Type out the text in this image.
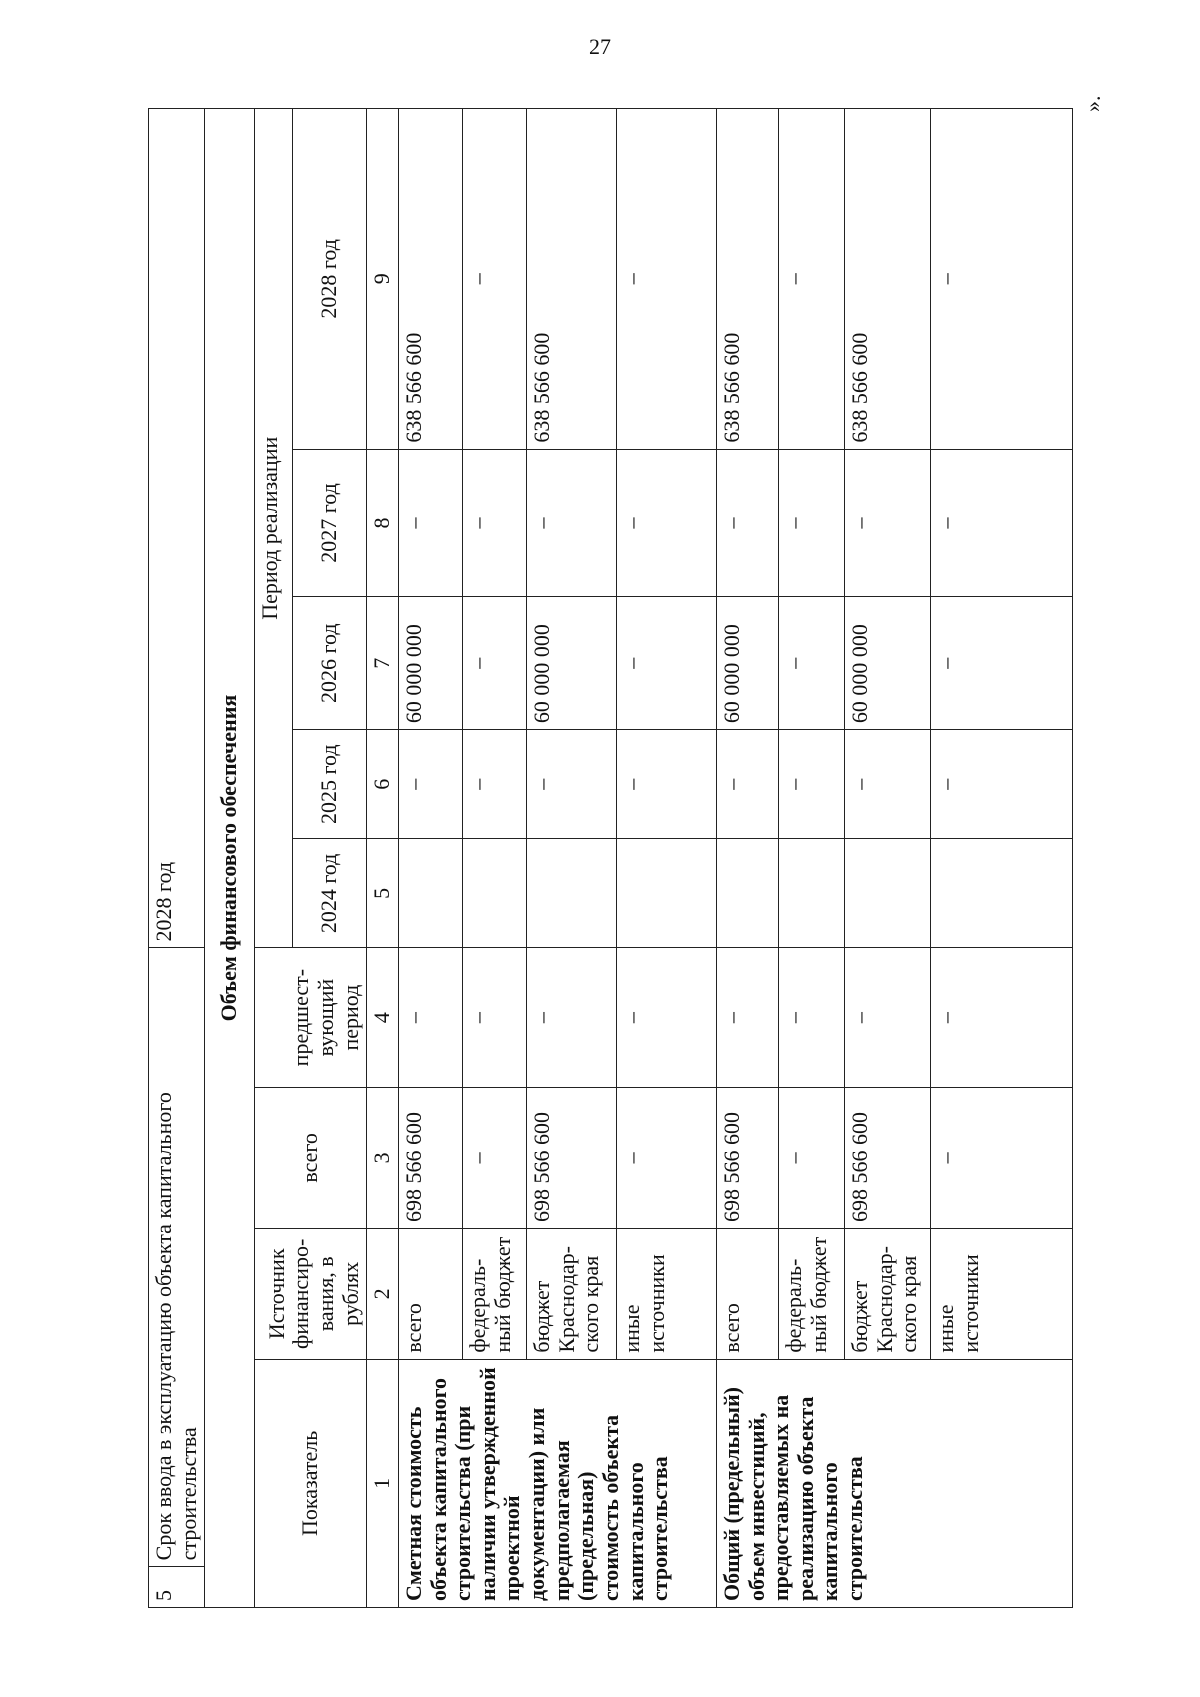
27
5	Срок ввода в эксплуатацию объекта капитального строительства				2028 год				
Объем финансового обеспечения									
Показатель		Источник финансиро-вания, в рублях	всего	предшест-вующий период	Период реализации				
					2024 год	2025 год	2026 год	2027 год	2028 год
1		2	3	4	5	6	7	8	9
Сметная стоимость объекта капитального строительства (при наличии утвержденной проектной документации) или предполагаемая (предельная) стоимость объекта капитального строительства		всего	698 566 600	–		–	60 000 000	–	638 566 600
		федераль-ный бюджет	–	–		–	–	–	–
		бюджет Краснодар-ского края	698 566 600	–		–	60 000 000	–	638 566 600
		иные источники	–	–		–	–	–	–
Общий (предельный) объем инвестиций, предоставляемых на реализацию объекта капитального строительства		всего	698 566 600	–		–	60 000 000	–	638 566 600
		федераль-ный бюджет	–	–		–	–	–	–
		бюджет Краснодар-ского края	698 566 600	–		–	60 000 000	–	638 566 600
		иные источники	–	–		–	–	–	–
».
